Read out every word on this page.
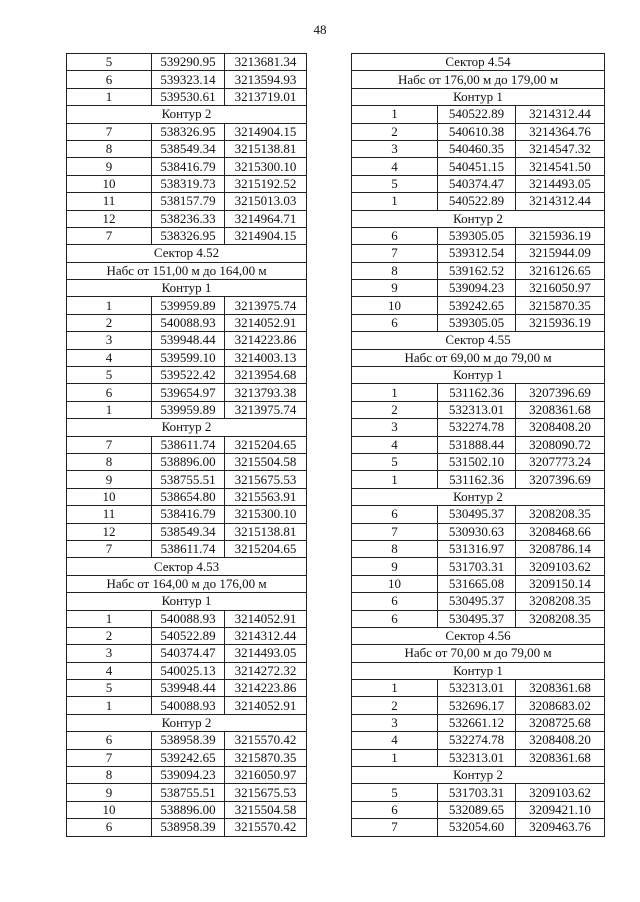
48
5	539290.95	3213681.34
6	539323.14	3213594.93
1	539530.61	3213719.01
Контур 2		
7	538326.95	3214904.15
8	538549.34	3215138.81
9	538416.79	3215300.10
10	538319.73	3215192.52
11	538157.79	3215013.03
12	538236.33	3214964.71
7	538326.95	3214904.15
Сектор 4.52		
Набс от 151,00 м до 164,00 м		
Контур 1		
1	539959.89	3213975.74
2	540088.93	3214052.91
3	539948.44	3214223.86
4	539599.10	3214003.13
5	539522.42	3213954.68
6	539654.97	3213793.38
1	539959.89	3213975.74
Контур 2		
7	538611.74	3215204.65
8	538896.00	3215504.58
9	538755.51	3215675.53
10	538654.80	3215563.91
11	538416.79	3215300.10
12	538549.34	3215138.81
7	538611.74	3215204.65
Сектор 4.53		
Набс от 164,00 м до 176,00 м		
Контур 1		
1	540088.93	3214052.91
2	540522.89	3214312.44
3	540374.47	3214493.05
4	540025.13	3214272.32
5	539948.44	3214223.86
1	540088.93	3214052.91
Контур 2		
6	538958.39	3215570.42
7	539242.65	3215870.35
8	539094.23	3216050.97
9	538755.51	3215675.53
10	538896.00	3215504.58
6	538958.39	3215570.42
Сектор 4.54		
Набс от 176,00 м до 179,00 м		
Контур 1		
1	540522.89	3214312.44
2	540610.38	3214364.76
3	540460.35	3214547.32
4	540451.15	3214541.50
5	540374.47	3214493.05
1	540522.89	3214312.44
Контур 2		
6	539305.05	3215936.19
7	539312.54	3215944.09
8	539162.52	3216126.65
9	539094.23	3216050.97
10	539242.65	3215870.35
6	539305.05	3215936.19
Сектор 4.55		
Набс от 69,00 м до 79,00 м		
Контур 1		
1	531162.36	3207396.69
2	532313.01	3208361.68
3	532274.78	3208408.20
4	531888.44	3208090.72
5	531502.10	3207773.24
1	531162.36	3207396.69
Контур 2		
6	530495.37	3208208.35
7	530930.63	3208468.66
8	531316.97	3208786.14
9	531703.31	3209103.62
10	531665.08	3209150.14
6	530495.37	3208208.35
6	530495.37	3208208.35
Сектор 4.56		
Набс от 70,00 м до 79,00 м		
Контур 1		
1	532313.01	3208361.68
2	532696.17	3208683.02
3	532661.12	3208725.68
4	532274.78	3208408.20
1	532313.01	3208361.68
Контур 2		
5	531703.31	3209103.62
6	532089.65	3209421.10
7	532054.60	3209463.76
